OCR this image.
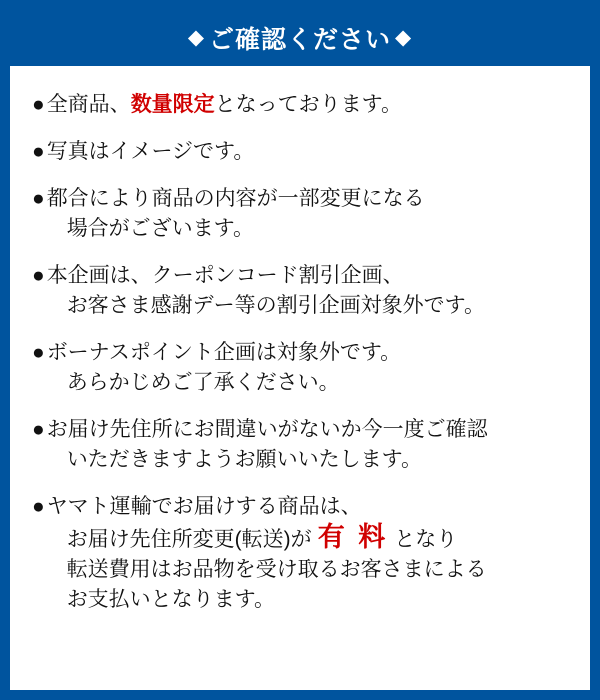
◆ ご確認ください ◆
● 全商品、数量限定となっております。
● 写真はイメージです。
● 都合により商品の内容が一部変更になる
場合がございます。
● 本企画は、クーポンコード割引企画、
お客さま感謝デー等の割引企画対象外です。
● ボーナスポイント企画は対象外です。
あらかじめご了承ください。
● お届け先住所にお間違いがないか今一度ご確認
いただきますようお願いいたします。
● ヤマト運輸でお届けする商品は、
お届け先住所変更(転送)が 有 料 となり
転送費用はお品物を受け取るお客さまによる
お支払いとなります。
